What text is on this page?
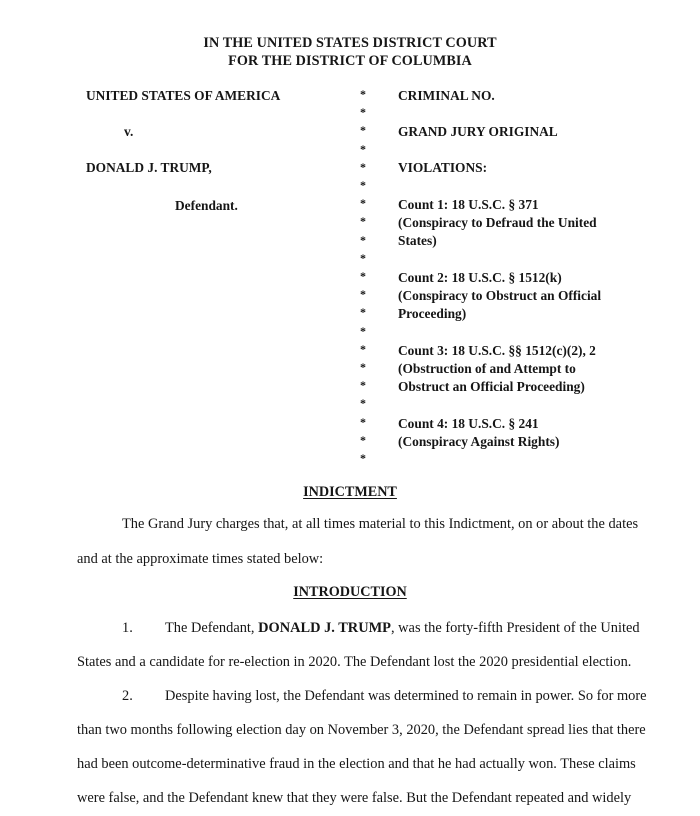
IN THE UNITED STATES DISTRICT COURT
FOR THE DISTRICT OF COLUMBIA
UNITED STATES OF AMERICA
v.
DONALD J. TRUMP,
Defendant.
*
*
*
*
*
*
*
*
*
*
*
*
*
*
*
*
*
*
*
*
*
CRIMINAL NO.
GRAND JURY ORIGINAL
VIOLATIONS:
Count 1: 18 U.S.C. § 371
(Conspiracy to Defraud the United
States)
Count 2: 18 U.S.C. § 1512(k)
(Conspiracy to Obstruct an Official
Proceeding)
Count 3: 18 U.S.C. §§ 1512(c)(2), 2
(Obstruction of and Attempt to
Obstruct an Official Proceeding)
Count 4: 18 U.S.C. § 241
(Conspiracy Against Rights)
INDICTMENT
The Grand Jury charges that, at all times material to this Indictment, on or about the dates
and at the approximate times stated below:
INTRODUCTION
1. The Defendant, DONALD J. TRUMP, was the forty-fifth President of the United
States and a candidate for re-election in 2020. The Defendant lost the 2020 presidential election.
2. Despite having lost, the Defendant was determined to remain in power. So for more
than two months following election day on November 3, 2020, the Defendant spread lies that there
had been outcome-determinative fraud in the election and that he had actually won. These claims
were false, and the Defendant knew that they were false. But the Defendant repeated and widely
